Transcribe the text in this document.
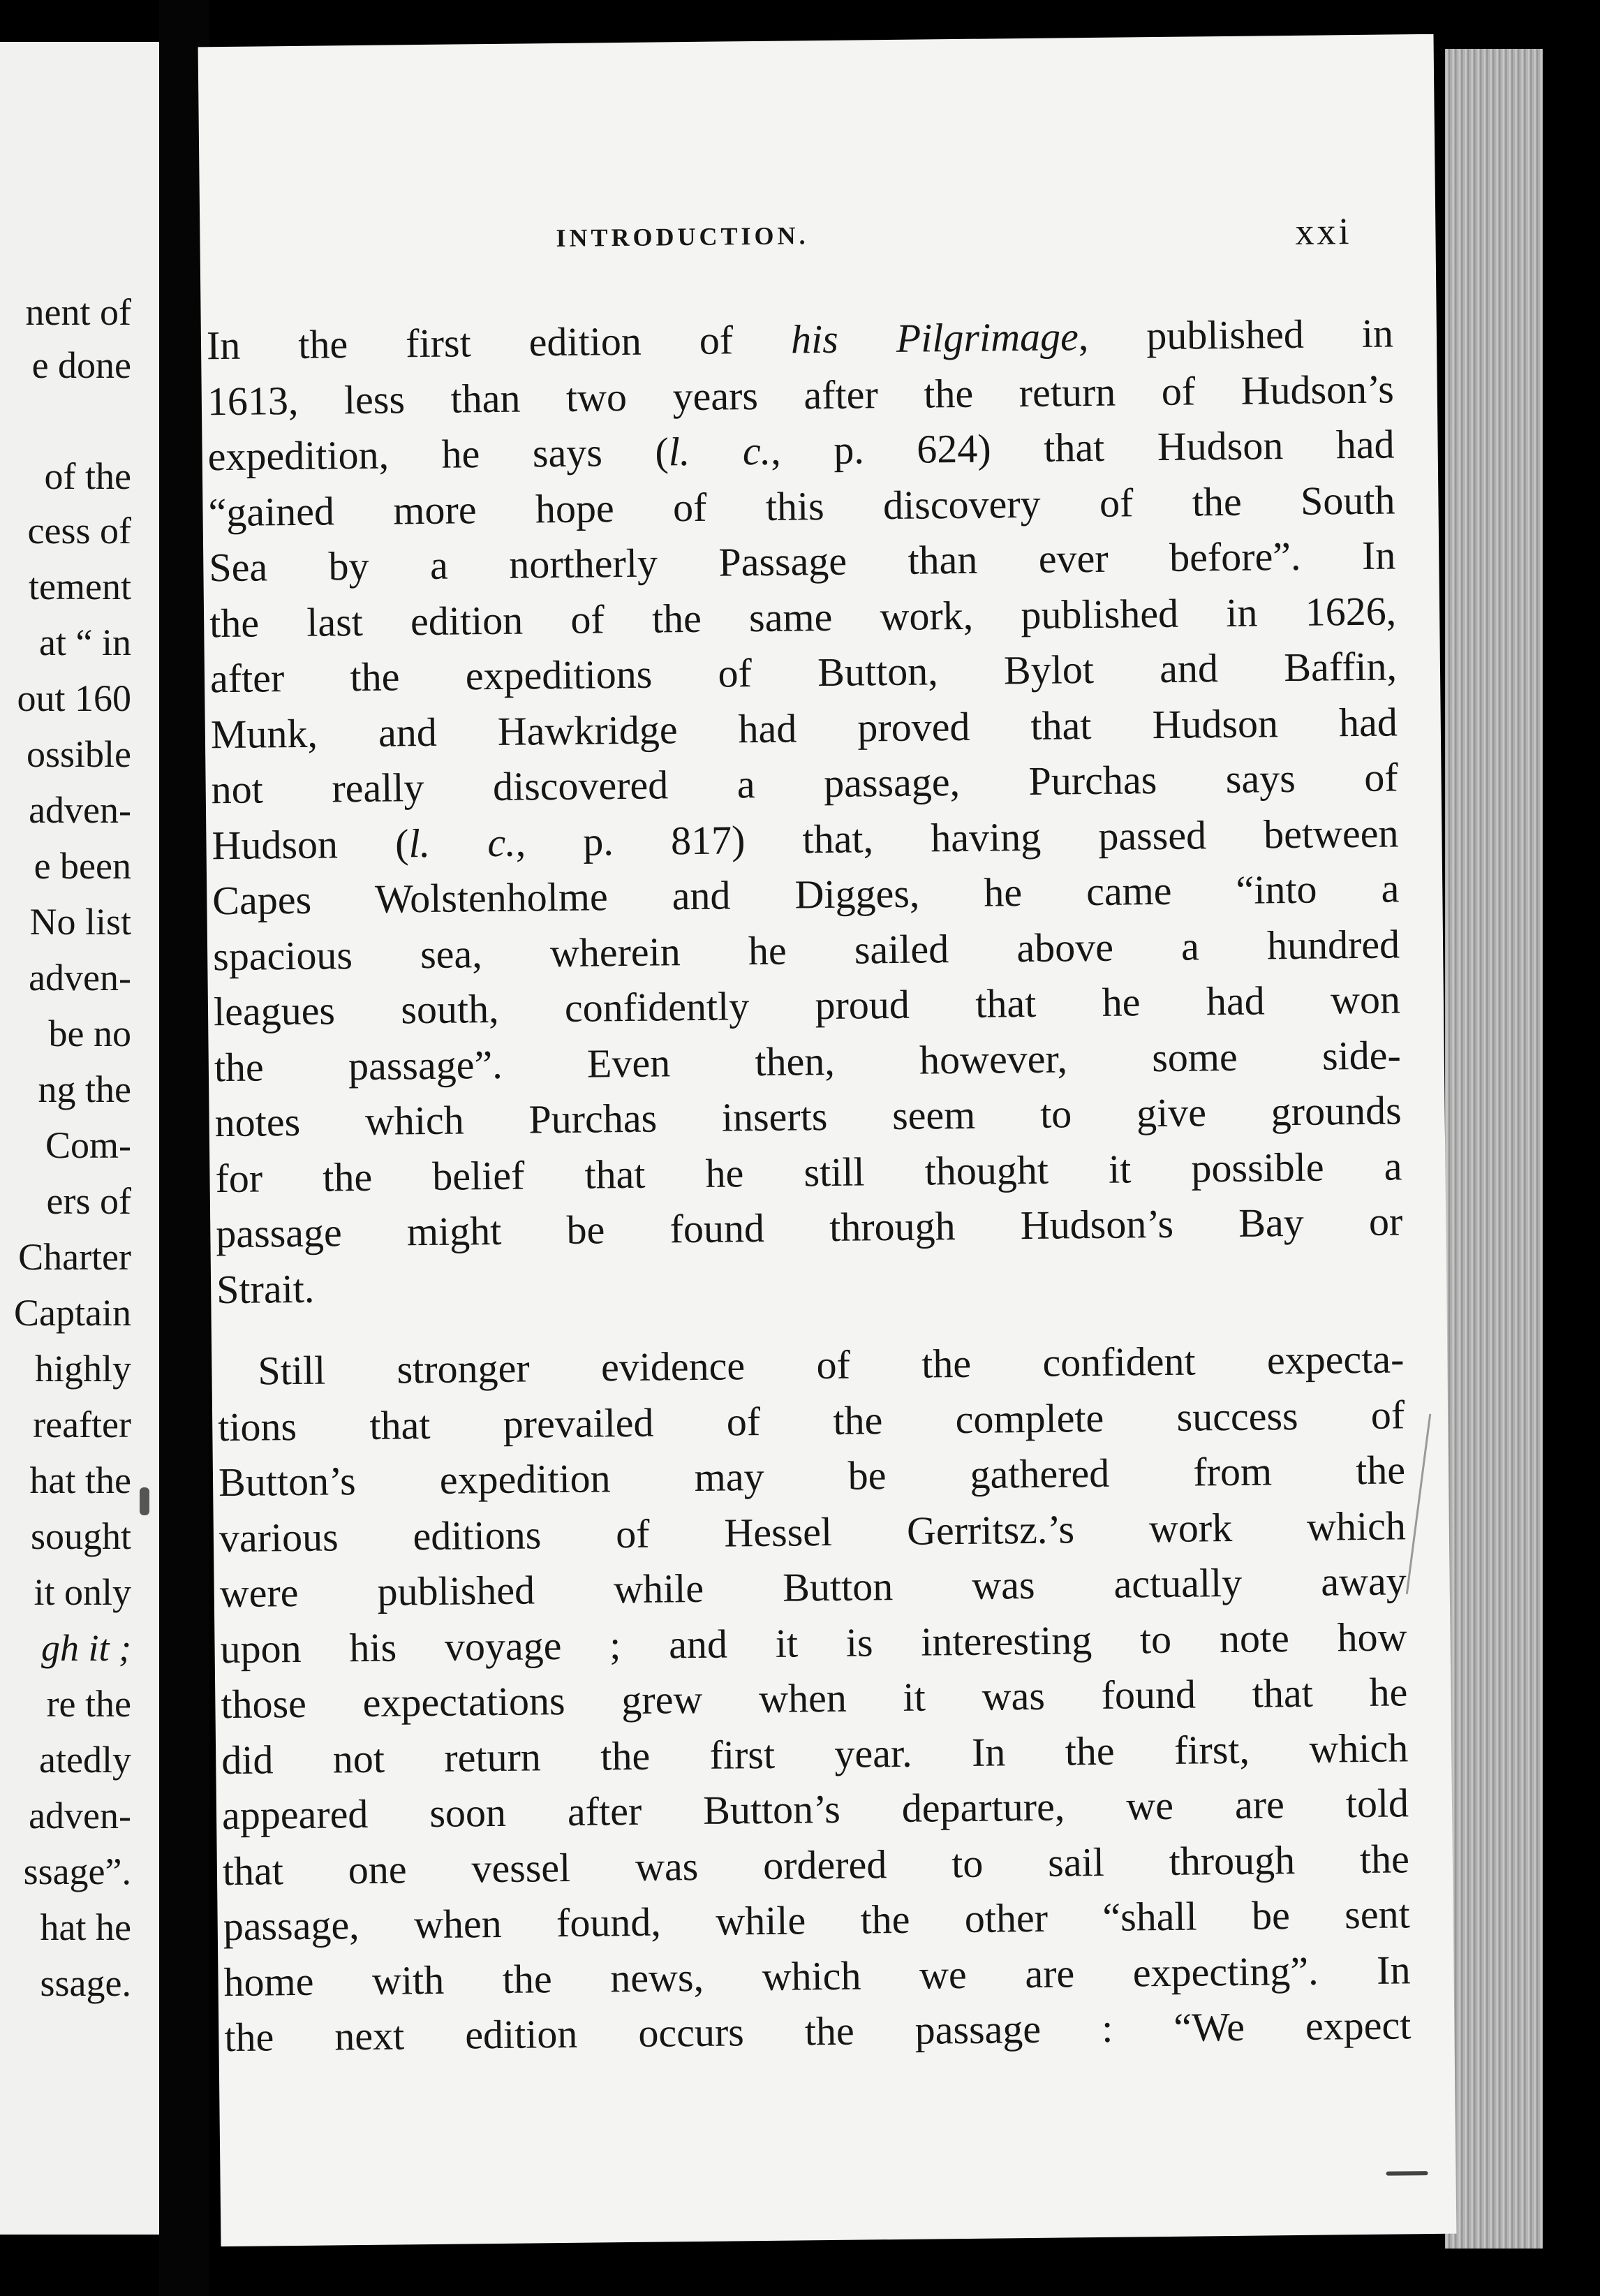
nent of
e done
of the
cess of
tement
at “ in
out 160
ossible
adven-
e been
No list
adven-
be no
ng the
Com-
ers of
Charter
Captain
highly
reafter
hat the
sought
it only
gh it ;
re the
atedly
adven-
ssage”.
hat he
ssage.
INTRODUCTION.	xxi
In the first edition of his Pilgrimage, published in
1613, less than two years after the return of Hudson’s
expedition, he says (l. c., p. 624) that Hudson had
“gained more hope of this discovery of the South
Sea by a northerly Passage than ever before”. In
the last edition of the same work, published in 1626,
after the expeditions of Button, Bylot and Baffin,
Munk, and Hawkridge had proved that Hudson had
not really discovered a passage, Purchas says of
Hudson (l. c., p. 817) that, having passed between
Capes Wolstenholme and Digges, he came “into a
spacious sea, wherein he sailed above a hundred
leagues south, confidently proud that he had won
the passage”. Even then, however, some side-
notes which Purchas inserts seem to give grounds
for the belief that he still thought it possible a
passage might be found through Hudson’s Bay or
Strait.
Still stronger evidence of the confident expecta-
tions that prevailed of the complete success of
Button’s expedition may be gathered from the
various editions of Hessel Gerritsz.’s work which
were published while Button was actually away
upon his voyage ; and it is interesting to note how
those expectations grew when it was found that he
did not return the first year. In the first, which
appeared soon after Button’s departure, we are told
that one vessel was ordered to sail through the
passage, when found, while the other “shall be sent
home with the news, which we are expecting”. In
the next edition occurs the passage : “We expect
